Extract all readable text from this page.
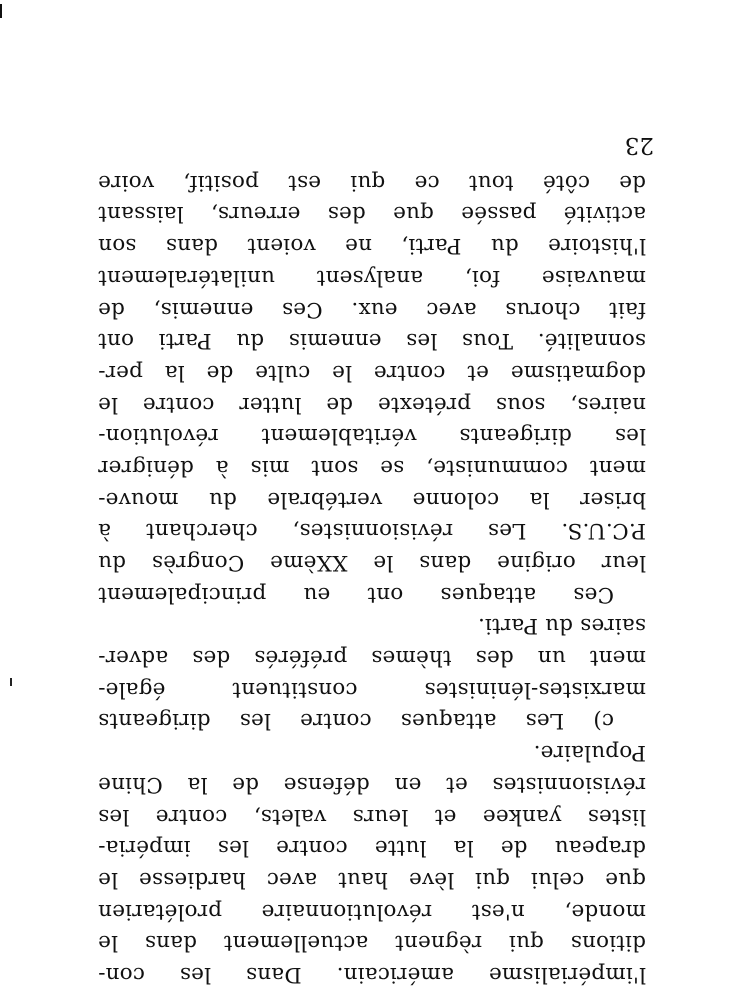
l'impérialisme américain. Dans les con-
ditions qui règnent actuellement dans le
monde, n'est révolutionnaire prolétarien
que celui qui lève haut avec hardiesse le
drapeau de la lutte contre les impéria-
listes yankee et leurs valets, contre les
révisionnistes et en défense de la Chine
Populaire.
c) Les attaques contre les dirigeants
marxistes-léninistes constituent égale-
ment un des thèmes préférés des adver-
saires du Parti.
Ces attaques ont eu principalement
leur origine dans le XXème Congrès du
P.C.U.S. Les révisionnistes, cherchant à
briser la colonne vertébrale du mouve-
ment communiste, se sont mis à dénigrer
les dirigeants véritablement révolution-
naires, sous prétexte de lutter contre le
dogmatisme et contre le culte de la per-
sonnalité. Tous les ennemis du Parti ont
fait chorus avec eux. Ces ennemis, de
mauvaise foi, analysent unilatéralement
l'histoire du Parti, ne voient dans son
activité passée que des erreurs, laissant
de côté tout ce qui est positif, voire
23
